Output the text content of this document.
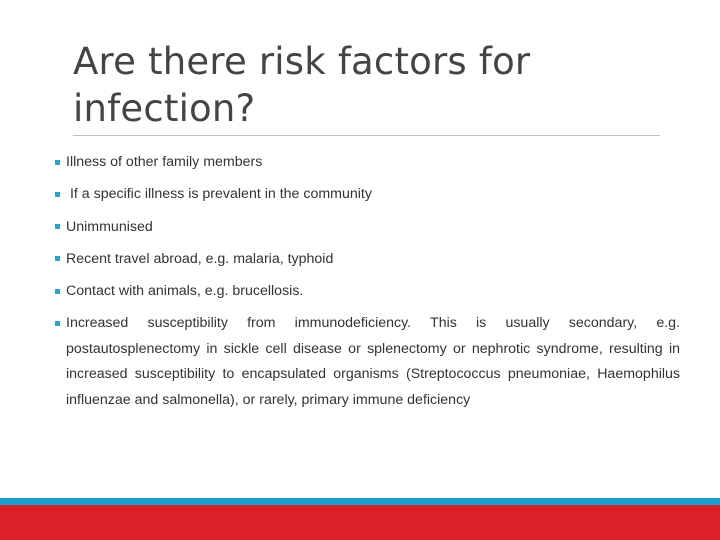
Are there risk factors for infection?
Illness of other family members
If a specific illness is prevalent in the community
Unimmunised
Recent travel abroad, e.g. malaria, typhoid
Contact with animals, e.g. brucellosis.
Increased susceptibility from immunodeficiency. This is usually secondary, e.g. postautosplenectomy in sickle cell disease or splenectomy or nephrotic syndrome, resulting in increased susceptibility to encapsulated organisms (Streptococcus pneumoniae, Haemophilus influenzae and salmonella), or rarely, primary immune deficiency
